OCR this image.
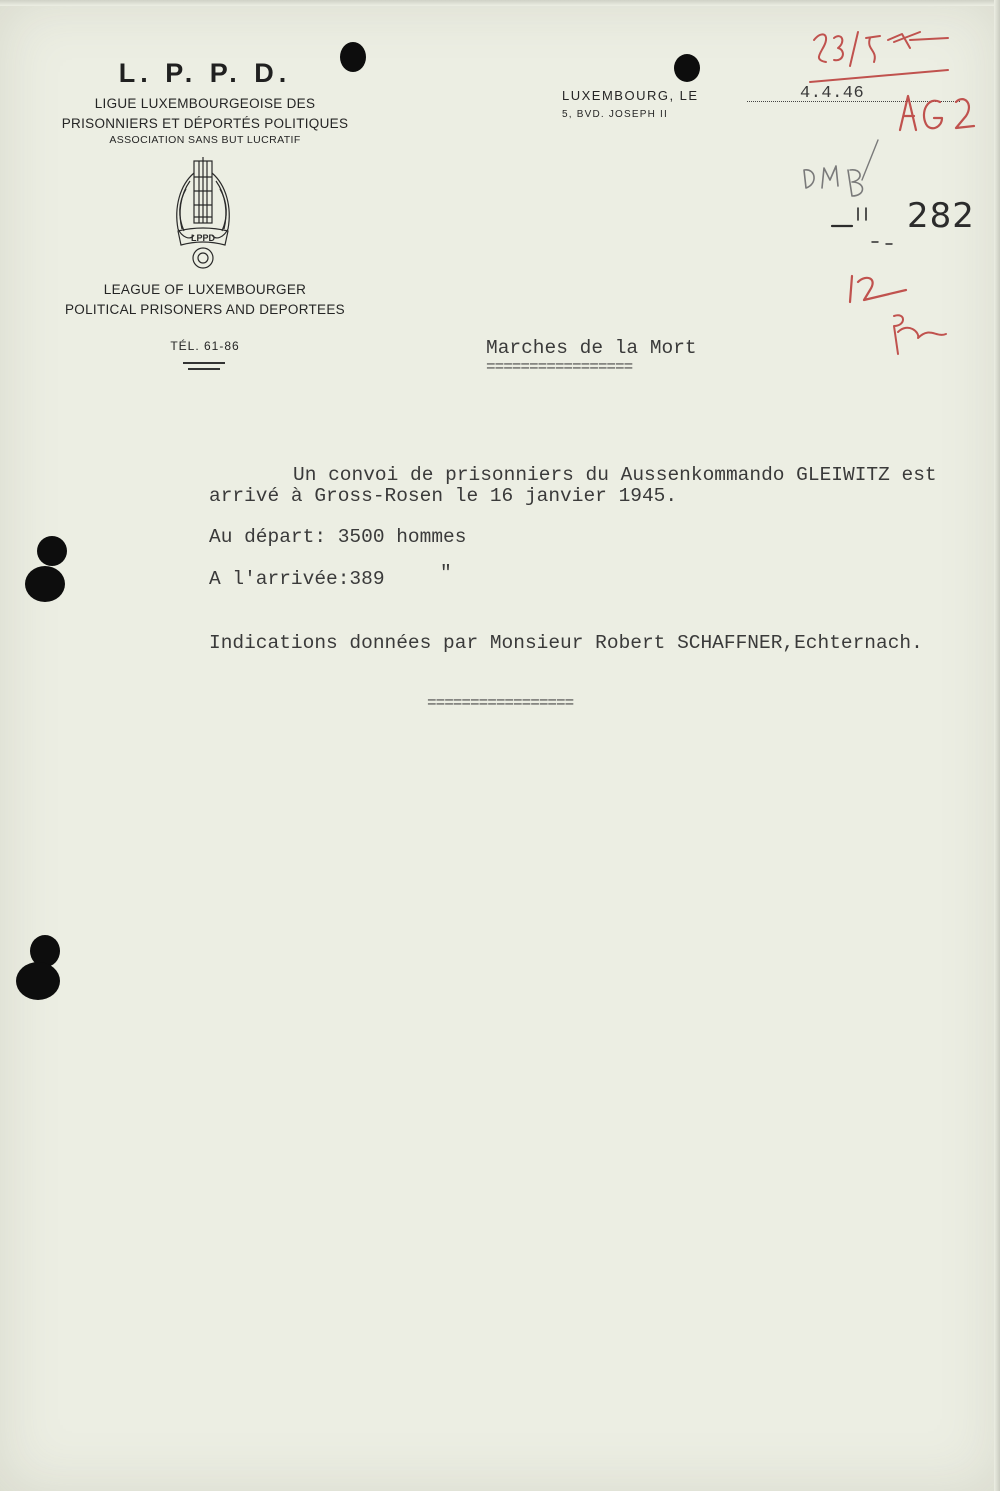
L. P. P. D.
LIGUE LUXEMBOURGEOISE DES
PRISONNIERS ET DÉPORTÉS POLITIQUES
ASSOCIATION SANS BUT LUCRATIF
LPPD
LEAGUE OF LUXEMBOURGER
POLITICAL PRISONERS AND DEPORTEES
TÉL. 61-86
LUXEMBOURG, LE	4.4.46
5, BVD. JOSEPH II
282
Marches de la Mort
=================
Un convoi de prisonniers du Aussenkommando GLEIWITZ est
arrivé à Gross-Rosen le 16 janvier 1945.
Au départ: 3500 hommes
A l'arrivée:389	"
Indications données par Monsieur Robert SCHAFFNER,Echternach.
=================
